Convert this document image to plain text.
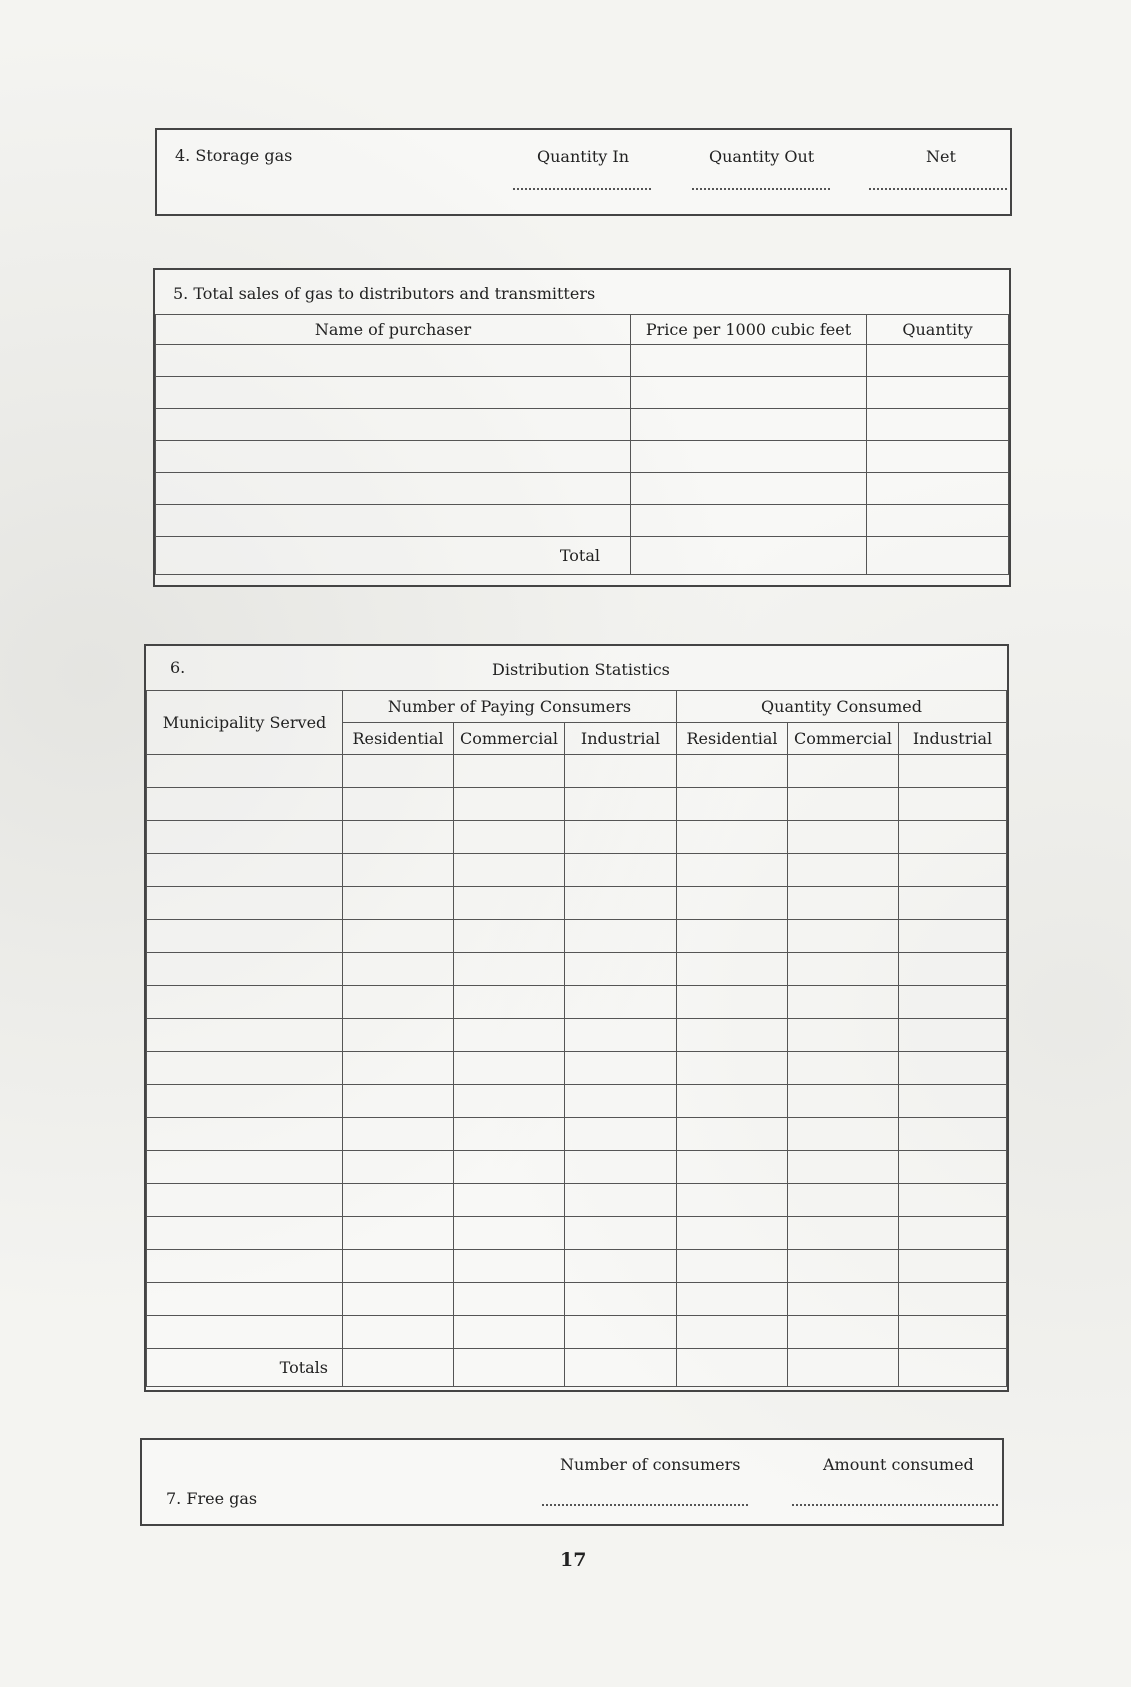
4. Storage gas	Quantity In	Quantity Out	Net
5. Total sales of gas to distributors and transmitters
Name of purchaser	Price per 1000 cubic feet	Quantity

Total		
6.	Distribution Statistics
Municipality Served	Number of Paying Consumers			Quantity Consumed		
	Residential	Commercial	Industrial	Residential	Commercial	Industrial

Totals						
7. Free gas
Number of consumers	Amount consumed
17
